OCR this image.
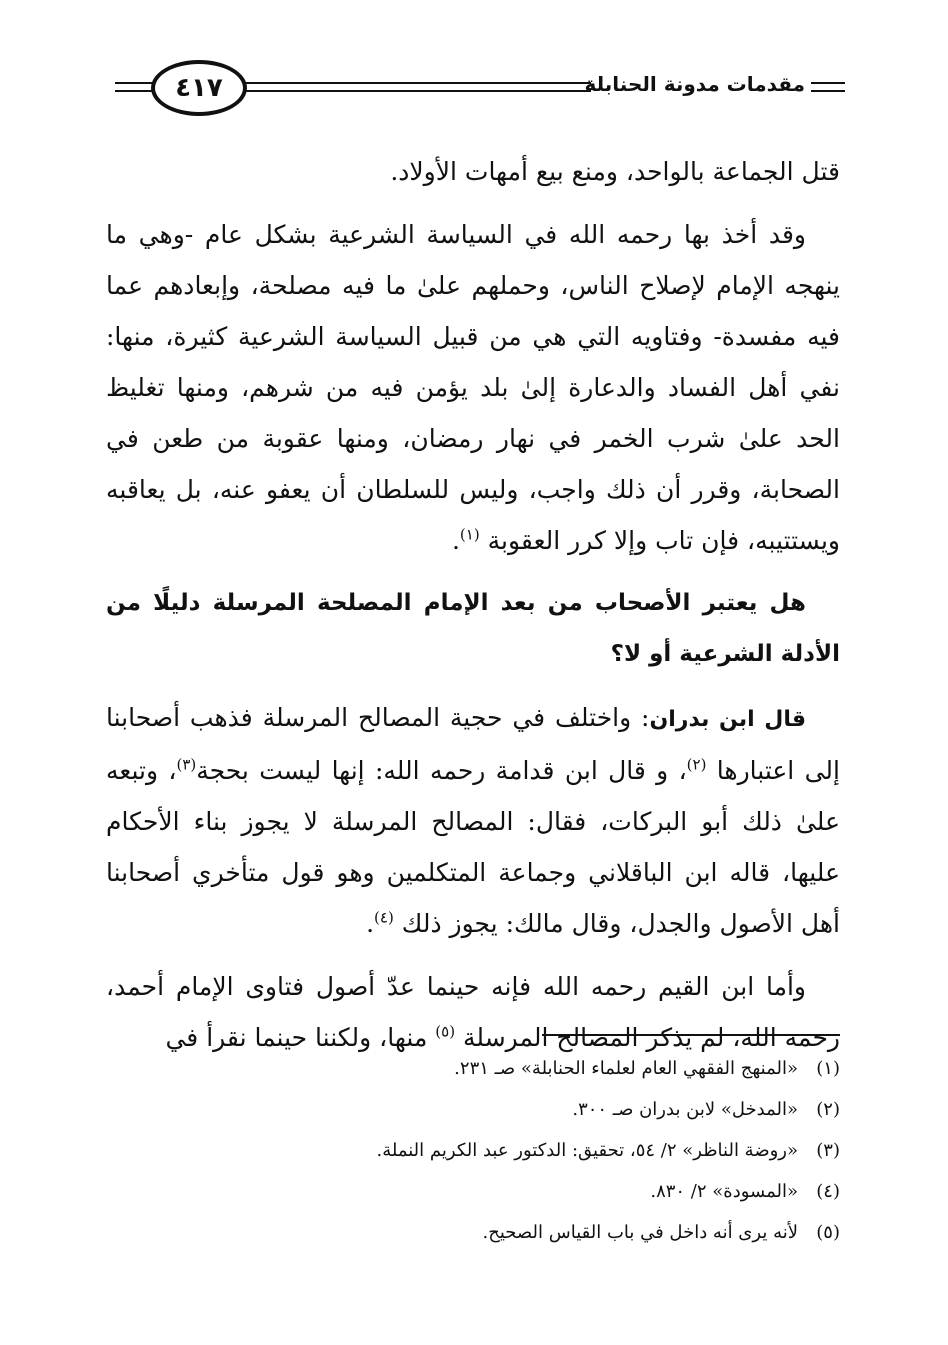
٤١٧	مقدمات مدونة الحنابلة

قتل الجماعة بالواحد، ومنع بيع أمهات الأولاد.

وقد أخذ بها رحمه الله في السياسة الشرعية بشكل عام -وهي ما ينهجه الإمام لإصلاح الناس، وحملهم علىٰ ما فيه مصلحة، وإبعادهم عما فيه مفسدة- وفتاويه التي هي من قبيل السياسة الشرعية كثيرة، منها: نفي أهل الفساد والدعارة إلىٰ بلد يؤمن فيه من شرهم، ومنها تغليظ الحد علىٰ شرب الخمر في نهار رمضان، ومنها عقوبة من طعن في الصحابة، وقرر أن ذلك واجب، وليس للسلطان أن يعفو عنه، بل يعاقبه ويستتيبه، فإن تاب وإلا كرر العقوبة $^{(١)}$.

هل يعتبر الأصحاب من بعد الإمام المصلحة المرسلة دليلًا من الأدلة الشرعية أو لا؟

قال ابن بدران: واختلف في حجية المصالح المرسلة فذهب أصحابنا إلى اعتبارها $^{(٢)}$، و قال ابن قدامة رحمه الله: إنها ليست بحجة$^{(٣)}$، وتبعه علىٰ ذلك أبو البركات، فقال: المصالح المرسلة لا يجوز بناء الأحكام عليها، قاله ابن الباقلاني وجماعة المتكلمين وهو قول متأخري أصحابنا أهل الأصول والجدل، وقال مالك: يجوز ذلك $^{(٤)}$.

وأما ابن القيم رحمه الله فإنه حينما عدّ أصول فتاوى الإمام أحمد، رحمه الله، لم يذكر المصالح المرسلة $^{(٥)}$ منها، ولكننا حينما نقرأ في

(١)«المنهج الفقهي العام لعلماء الحنابلة» صـ ٢٣١.
(٢)«المدخل» لابن بدران صـ ٣٠٠.
(٣)«روضة الناظر» ٢/ ٥٤، تحقيق: الدكتور عبد الكريم النملة.
(٤)«المسودة» ٢/ ٨٣٠.
(٥)لأنه يرى أنه داخل في باب القياس الصحيح.
